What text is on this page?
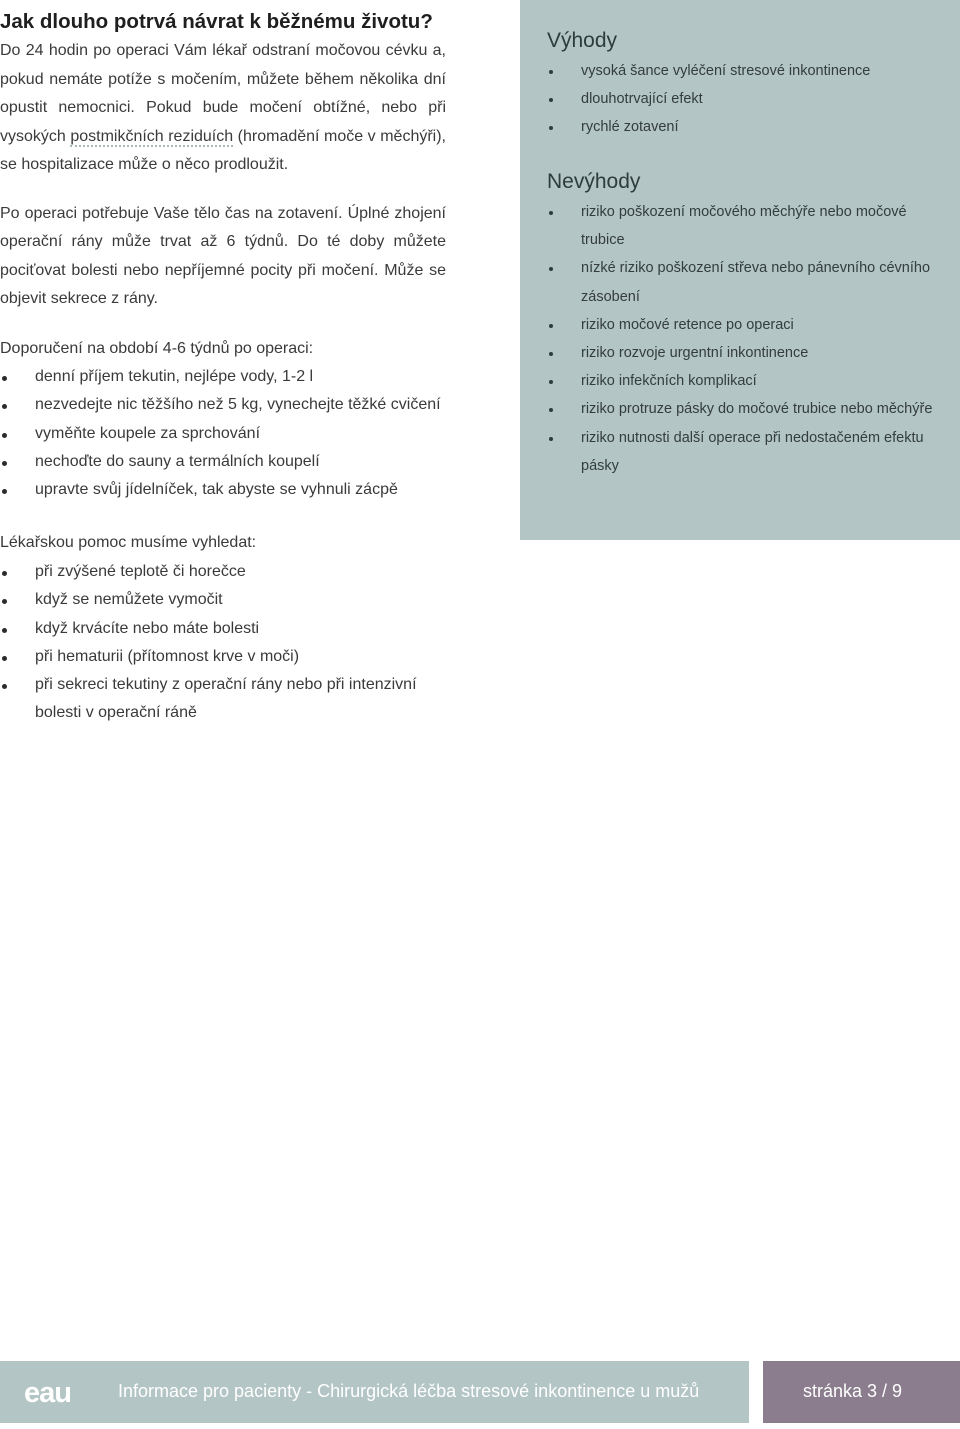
Jak dlouho potrvá návrat k běžnému životu?

Do 24 hodin po operaci Vám lékař odstraní močovou cévku a, pokud nemáte potíže s močením, můžete během několika dní opustit nemocnici. Pokud bude močení obtížné, nebo při vysokých postmikčních reziduích (hromadění moče v měchýři), se hospitalizace může o něco prodloužit.

Po operaci potřebuje Vaše tělo čas na zotavení. Úplné zhojení operační rány může trvat až 6 týdnů. Do té doby můžete pociťovat bolesti nebo nepříjemné pocity při močení. Může se objevit sekrece z rány.

Doporučení na období 4-6 týdnů po operaci:

denní příjem tekutin, nejlépe vody, 1-2 l
nezvedejte nic těžšího než 5 kg, vynechejte těžké cvičení
vyměňte koupele za sprchování
nechoďte do sauny a termálních koupelí
upravte svůj jídelníček, tak abyste se vyhnuli zácpě

Lékařskou pomoc musíme vyhledat:

při zvýšené teplotě či horečce
když se nemůžete vymočit
když krvácíte nebo máte bolesti
při hematurii (přítomnost krve v moči)
při sekreci tekutiny z operační rány nebo při intenzivní bolesti v operační ráně
Výhody
vysoká šance vyléčení stresové inkontinence
dlouhotrvající efekt
rychlé zotavení
Nevýhody
riziko poškození močového měchýře nebo močové trubice
nízké riziko poškození střeva nebo pánevního cévního zásobení
riziko močové retence po operaci
riziko rozvoje urgentní inkontinence
riziko infekčních komplikací
riziko protruze pásky do močové trubice nebo měchýře
riziko nutnosti další operace při nedostačeném efektu pásky
eau	Informace pro pacienty - Chirurgická léčba stresové inkontinence u mužů	stránka 3 / 9
